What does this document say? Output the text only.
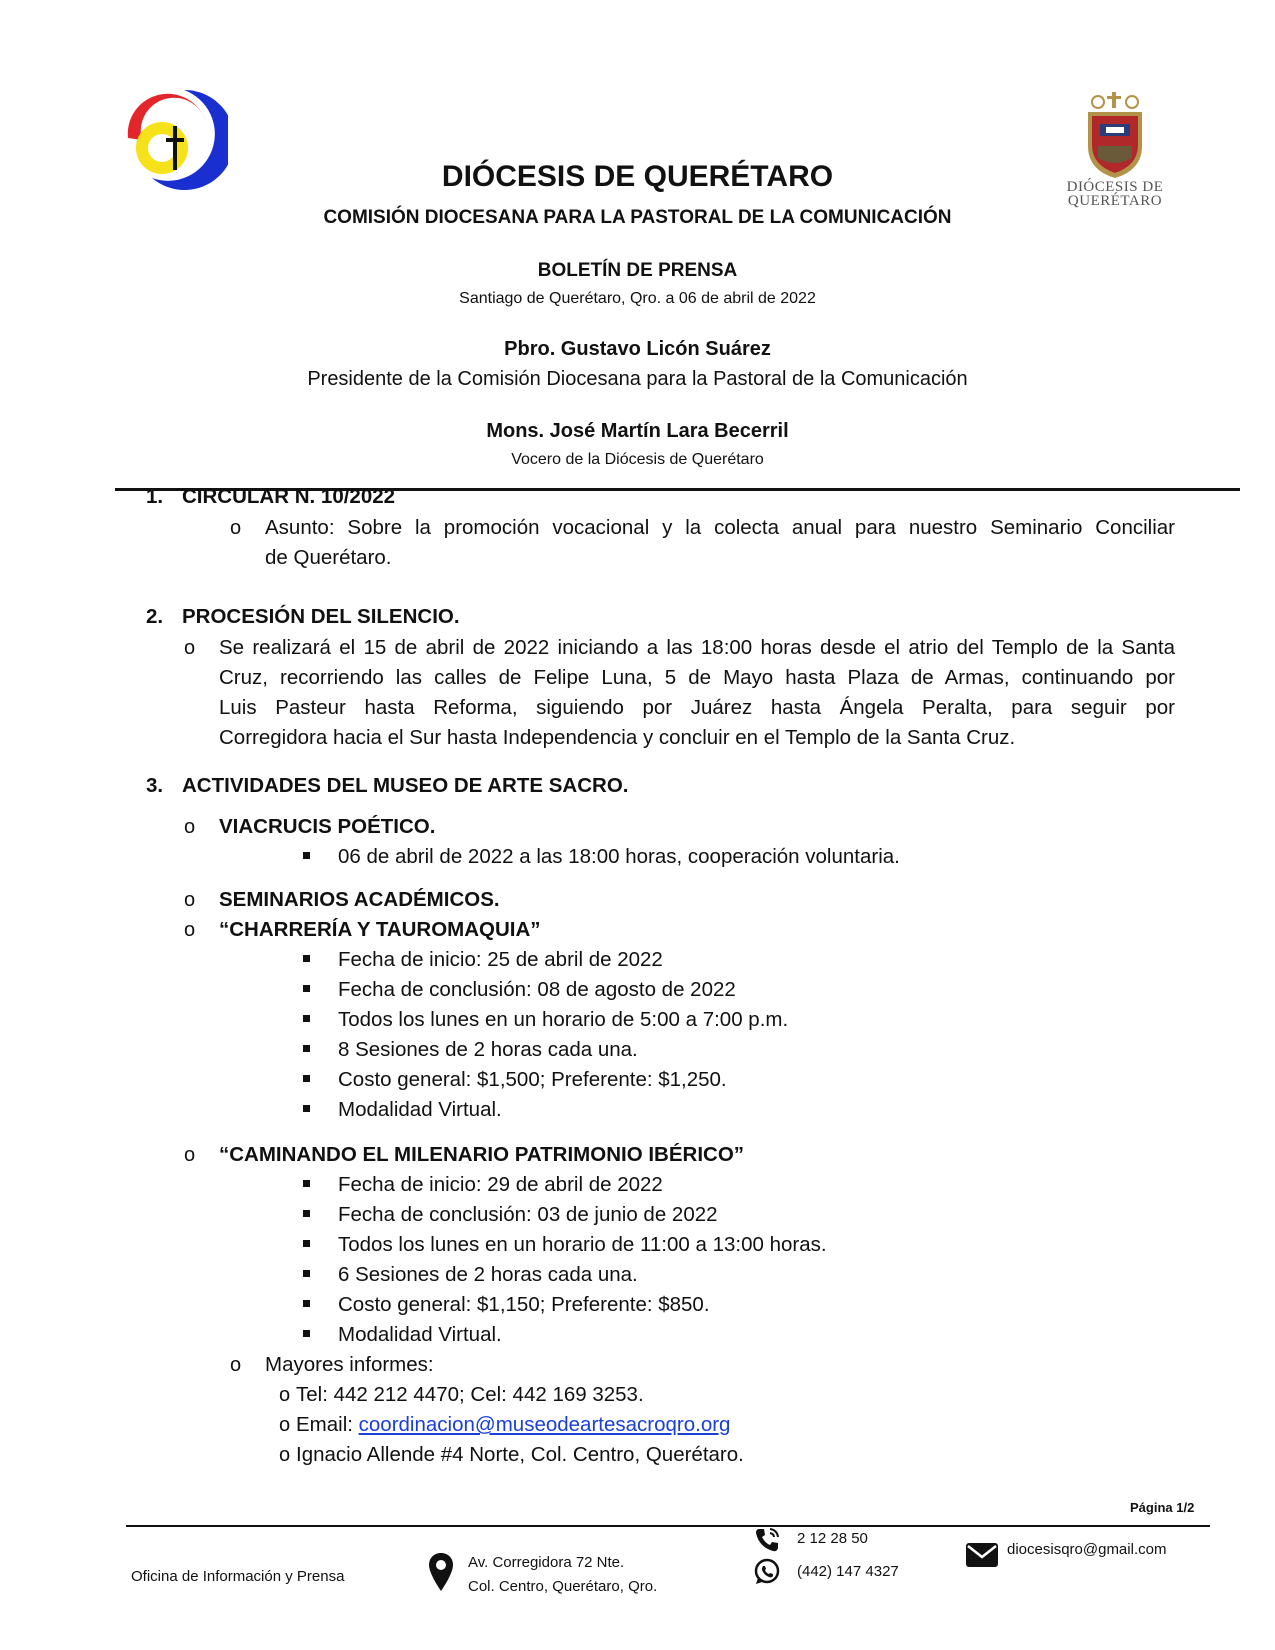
DIÓCESIS DE
QUERÉTARO
DIÓCESIS DE QUERÉTARO
COMISIÓN DIOCESANA PARA LA PASTORAL DE LA COMUNICACIÓN
BOLETÍN DE PRENSA
Santiago de Querétaro, Qro. a 06 de abril de 2022
Pbro. Gustavo Licón Suárez
Presidente de la Comisión Diocesana para la Pastoral de la Comunicación
Mons. José Martín Lara Becerril
Vocero de la Diócesis de Querétaro
1. CIRCULAR N. 10/2022
o Asunto: Sobre la promoción vocacional y la colecta anual para nuestro Seminario Conciliar
de Querétaro.
2. PROCESIÓN DEL SILENCIO.
o Se realizará el 15 de abril de 2022 iniciando a las 18:00 horas desde el atrio del Templo de la Santa
Cruz, recorriendo las calles de Felipe Luna, 5 de Mayo hasta Plaza de Armas, continuando por
Luis Pasteur hasta Reforma, siguiendo por Juárez hasta Ángela Peralta, para seguir por
Corregidora hacia el Sur hasta Independencia y concluir en el Templo de la Santa Cruz.
3. ACTIVIDADES DEL MUSEO DE ARTE SACRO.
o VIACRUCIS POÉTICO.
06 de abril de 2022 a las 18:00 horas, cooperación voluntaria.
o SEMINARIOS ACADÉMICOS.
o “CHARRERÍA Y TAUROMAQUIA”
Fecha de inicio: 25 de abril de 2022
Fecha de conclusión: 08 de agosto de 2022
Todos los lunes en un horario de 5:00 a 7:00 p.m.
8 Sesiones de 2 horas cada una.
Costo general: $1,500; Preferente: $1,250.
Modalidad Virtual.
o “CAMINANDO EL MILENARIO PATRIMONIO IBÉRICO”
Fecha de inicio: 29 de abril de 2022
Fecha de conclusión: 03 de junio de 2022
Todos los lunes en un horario de 11:00 a 13:00 horas.
6 Sesiones de 2 horas cada una.
Costo general: $1,150; Preferente: $850.
Modalidad Virtual.
o Mayores informes:
o Tel: 442 212 4470; Cel: 442 169 3253.
o Email: coordinacion@museodeartesacroqro.org
o Ignacio Allende #4 Norte, Col. Centro, Querétaro.
Página 1/2
Oficina de Información y Prensa
Av. Corregidora 72 Nte.
Col. Centro, Querétaro, Qro.
2 12 28 50
(442) 147 4327
diocesisqro@gmail.com
